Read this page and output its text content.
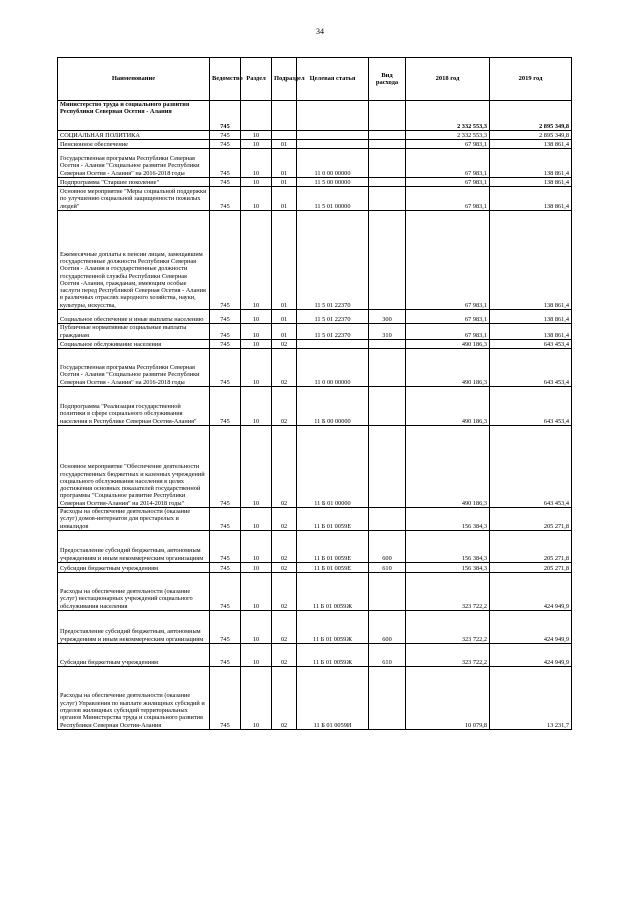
34
Наименование	Ведомство	Раздел	Подраздел	Целевая статья	Вид расхода	2018 год	2019 год
Министерство труда и социального развития Республики Северная Осетия - Алания	745					2 332 553,3	2 895 349,8
СОЦИАЛЬНАЯ ПОЛИТИКА	745	10				2 332 553,3	2 895 349,8
Пенсионное обеспечение	745	10	01			67 983,1	138 861,4
Государственная программа Республики Северная Осетия - Алания "Социальное развитие Республики Северная Осетия - Алания" на 2016-2018 годы	745	10	01	11 0 00 00000		67 983,1	138 861,4
Подпрограмма "Старшее поколение"	745	10	01	11 5 00 00000		67 983,1	138 861,4
Основное мероприятие "Меры социальной поддержки по улучшению социальной защищенности пожилых людей"	745	10	01	11 5 01 00000		67 983,1	138 861,4
Ежемесячные доплаты к пенсии лицам, замещавшим государственные должности Республики Северная Осетия - Алания и государственные должности государственной службы Республики Северная Осетия -Алания, гражданам, имеющим особые заслуги перед Республикой Северная Осетия - Алания в различных отраслях народного хозяйства, науки, культуры, искусства,	745	10	01	11 5 01 22370		67 983,1	138 861,4
Социальное обеспечение и иные выплаты населению	745	10	01	11 5 01 22370	300	67 983,1	138 861,4
Публичные нормативные социальные выплаты гражданам	745	10	01	11 5 01 22370	310	67 983,1	138 861,4
Социальное обслуживание населения	745	10	02			490 186,3	643 453,4
Государственная программа Республики Северная Осетия - Алания "Социальное развитие Республики Северная Осетия - Алания" на 2016-2018 годы	745	10	02	11 0 00 00000		490 186,3	643 453,4
Подпрограмма "Реализация государственной политики в сфере социального обслуживания населения в Республике Северная Осетия-Алания"	745	10	02	11 Б 00 00000		490 186,3	643 453,4
Основное мероприятие "Обеспечение деятельности государственных бюджетных и казенных учреждений социального обслуживания населения в целях достижения основных показателей государственной программы "Социальное развитие Республики Северная Осетия-Алания" на 2014-2018 годы"	745	10	02	11 Б 01 00000		490 186,3	643 453,4
Расходы на обеспечение деятельности (оказание услуг) домов-интернатов для престарелых и инвалидов	745	10	02	11 Б 01 0059Е		156 384,3	205 271,8
Предоставление субсидий бюджетным, автономным учреждениям и иным некоммерческим организациям	745	10	02	11 Б 01 0059Е	600	156 384,3	205 271,8
Субсидии бюджетным учреждениям	745	10	02	11 Б 01 0059Е	610	156 384,3	205 271,8
Расходы на обеспечение деятельности (оказание услуг) нестационарных учреждений социального обслуживания населения	745	10	02	11 Б 01 0059Ж		323 722,2	424 949,9
Предоставление субсидий бюджетным, автономным учреждениям и иным некоммерческим организациям	745	10	02	11 Б 01 0059Ж	600	323 722,2	424 949,9
Субсидии бюджетным учреждениям	745	10	02	11 Б 01 0059Ж	610	323 722,2	424 949,9
Расходы на обеспечение деятельности (оказание услуг) Управления по выплате жилищных субсидий и отделов жилищных субсидий территориальных органов Министерства труда и социального развития Республики Северная Осетия-Алания	745	10	02	11 Б 01 0059И		10 079,8	13 231,7
